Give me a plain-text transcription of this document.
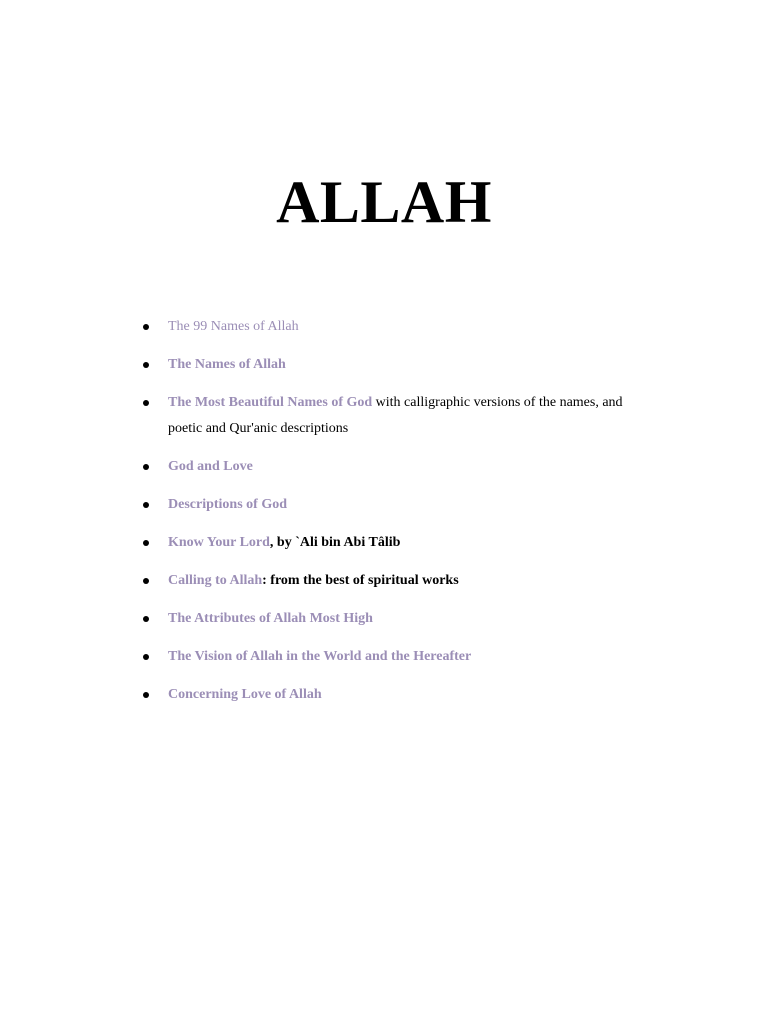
ALLAH
The 99 Names of Allah
The Names of Allah
The Most Beautiful Names of God with calligraphic versions of the names, and poetic and Qur'anic descriptions
God and Love
Descriptions of God
Know Your Lord, by `Ali bin Abi Tâlib
Calling to Allah: from the best of spiritual works
The Attributes of Allah Most High
The Vision of Allah in the World and the Hereafter
Concerning Love of Allah
